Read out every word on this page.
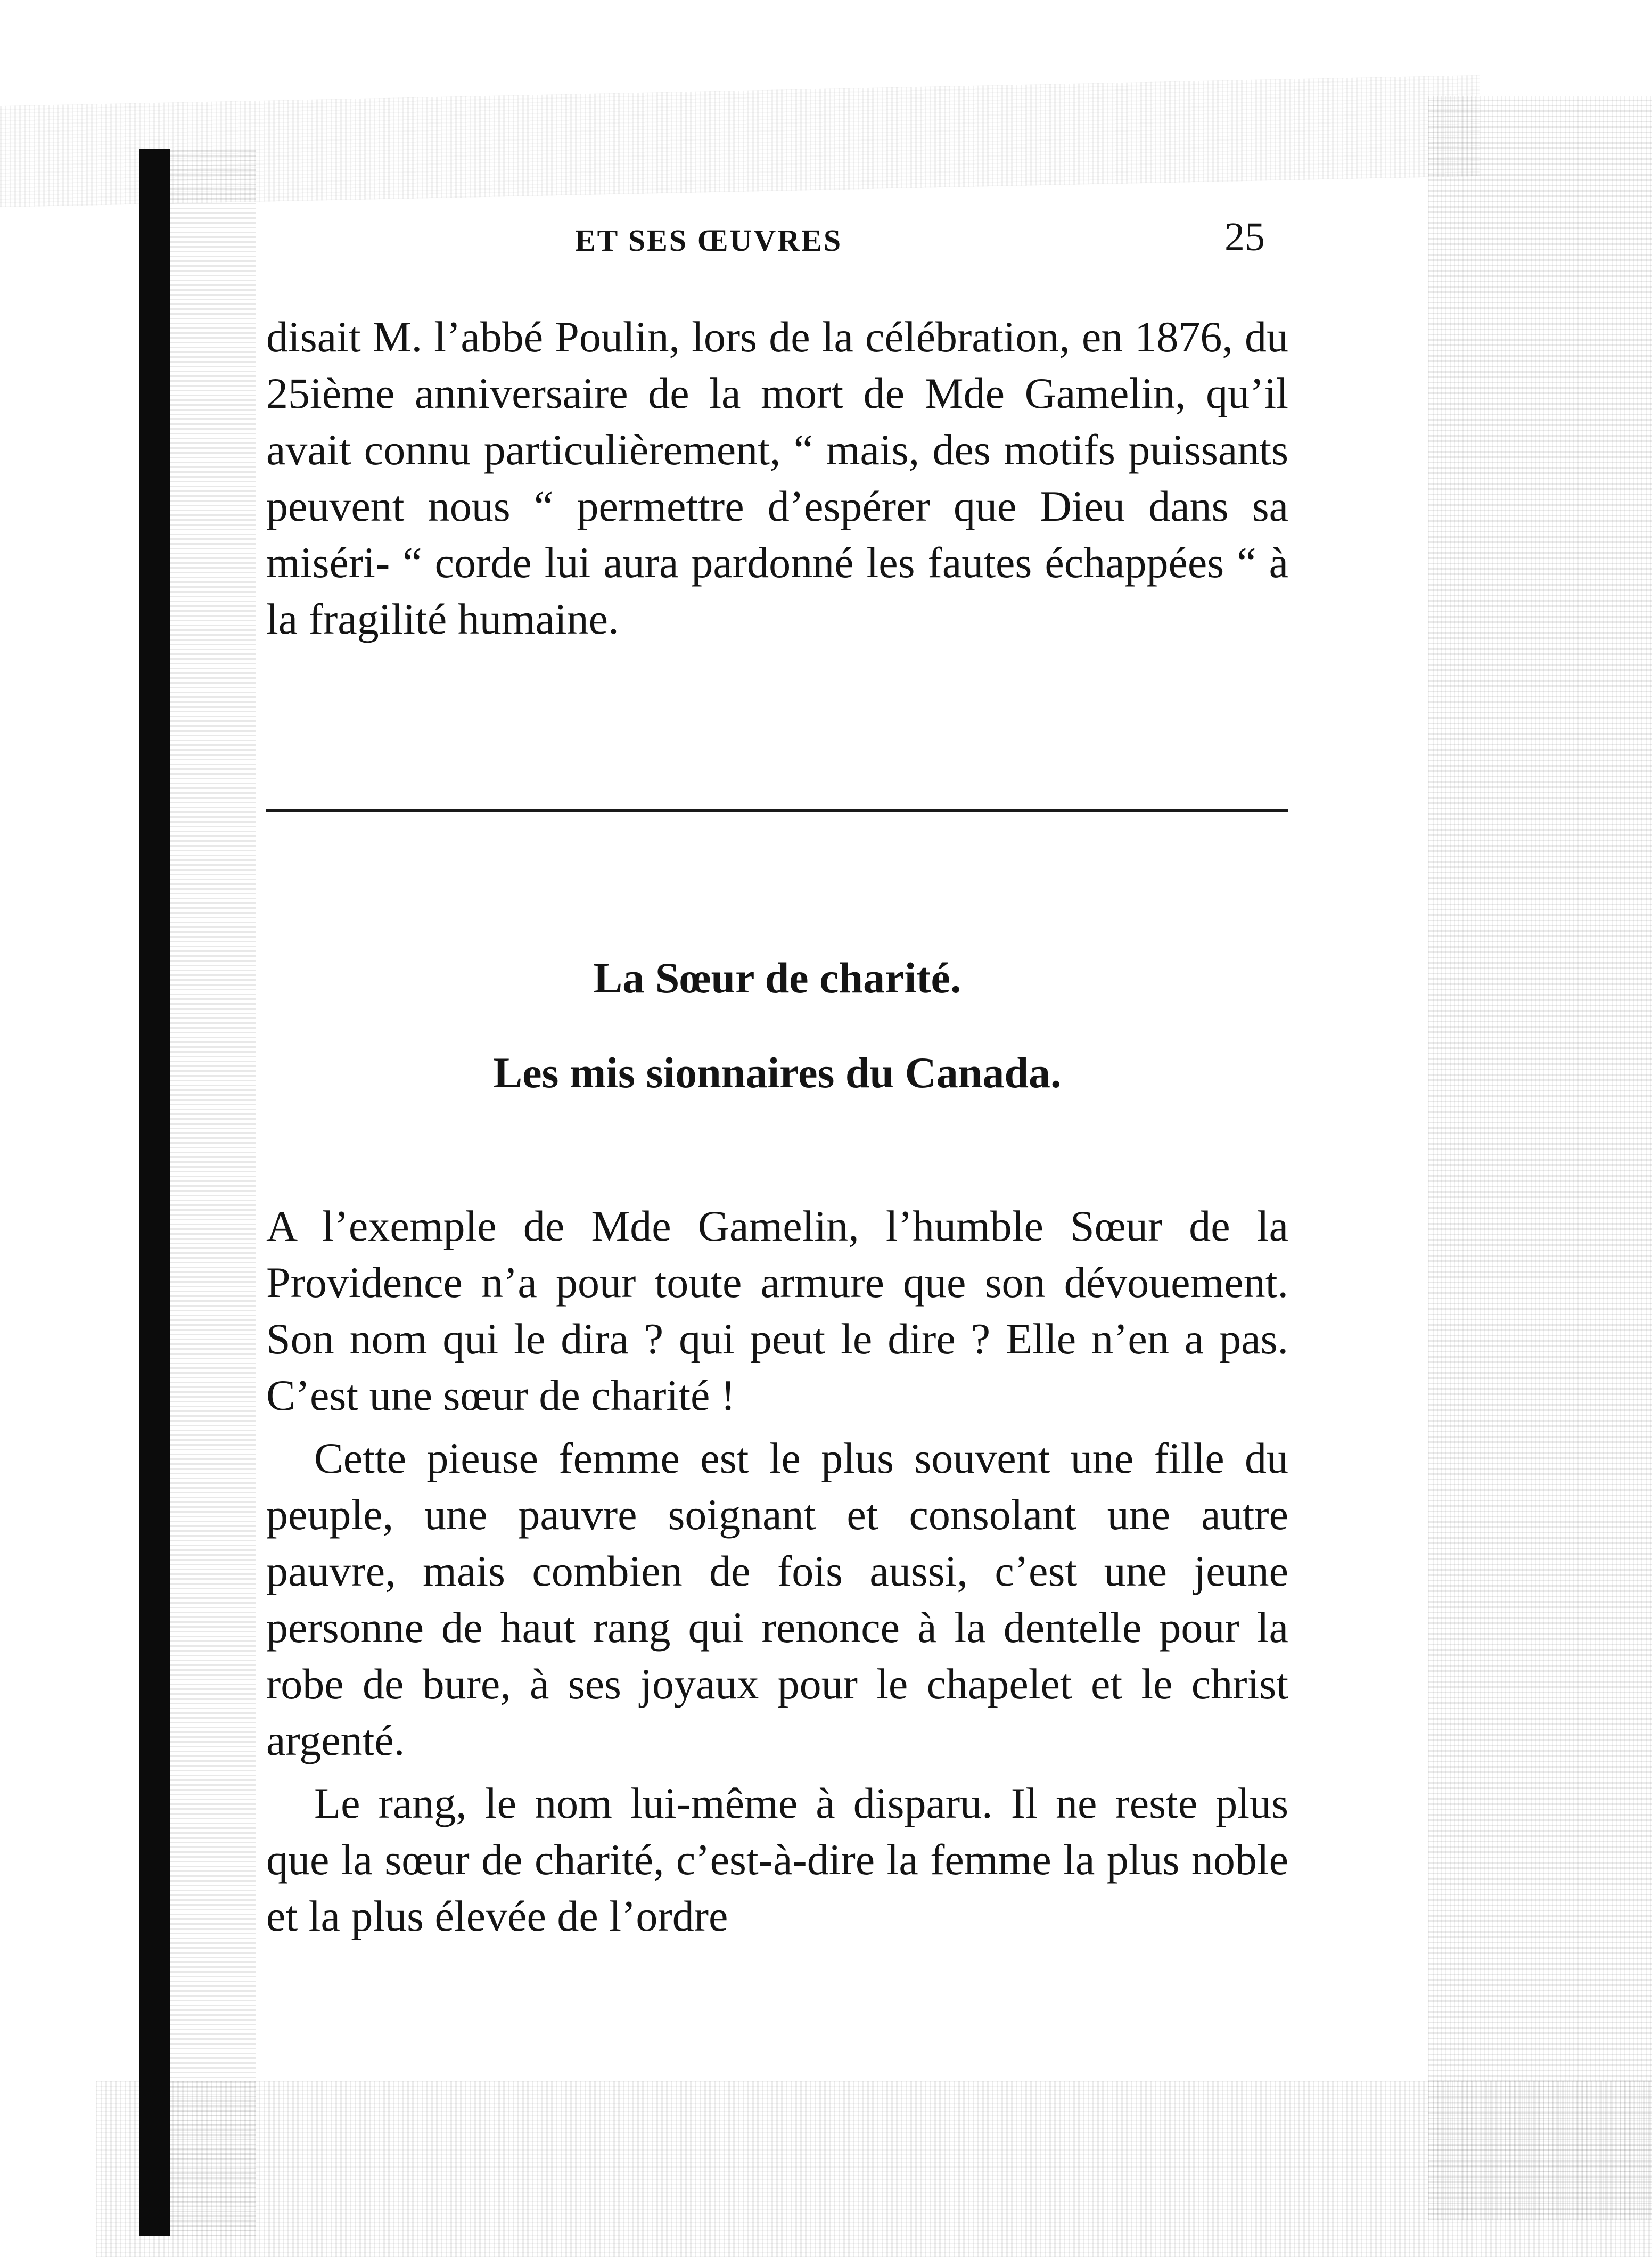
ET SES ŒUVRES	25

disait M. l’abbé Poulin, lors de la célébration, en 1876, du 25ième anniversaire de la mort de Mde Gamelin, qu’il avait connu particulièrement, “ mais, des motifs puissants peuvent nous “ permettre d’espérer que Dieu dans sa miséri- “ corde lui aura pardonné les fautes échappées “ à la fragilité humaine.

La Sœur de charité.
Les mis sionnaires du Canada.

A l’exemple de Mde Gamelin, l’humble Sœur de la Providence n’a pour toute armure que son dévouement. Son nom qui le dira ? qui peut le dire ? Elle n’en a pas. C’est une sœur de charité !

Cette pieuse femme est le plus souvent une fille du peuple, une pauvre soignant et consolant une autre pauvre, mais combien de fois aussi, c’est une jeune personne de haut rang qui renonce à la dentelle pour la robe de bure, à ses joyaux pour le chapelet et le christ argenté.

Le rang, le nom lui-même à disparu. Il ne reste plus que la sœur de charité, c’est-à-dire la femme la plus noble et la plus élevée de l’ordre
